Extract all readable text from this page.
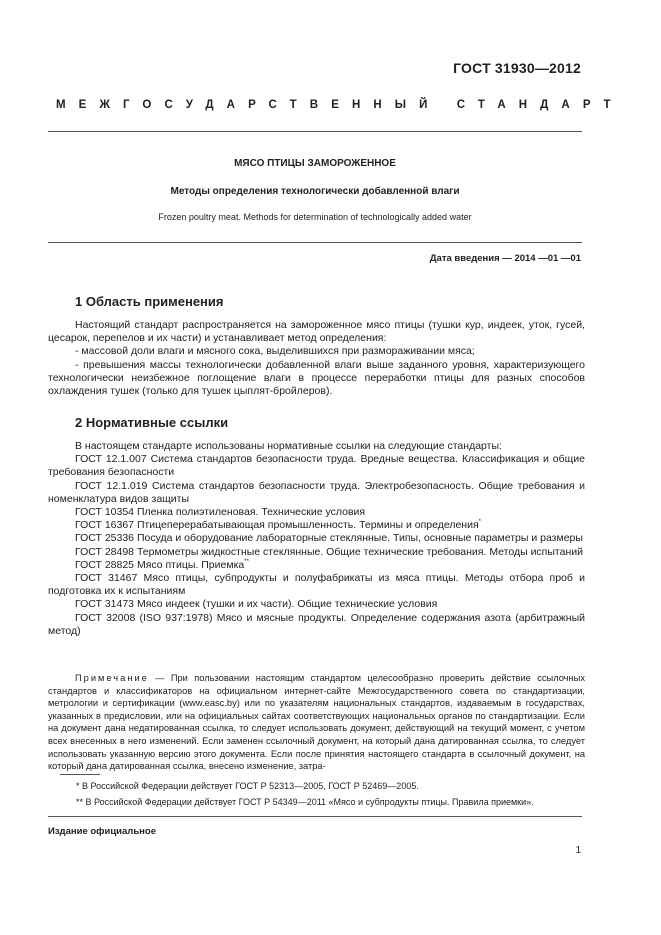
ГОСТ 31930—2012
МЕЖГОСУДАРСТВЕННЫЙ СТАНДАРТ
МЯСО ПТИЦЫ ЗАМОРОЖЕННОЕ
Методы определения технологически добавленной влаги
Frozen poultry meat. Methods for determination of technologically added water
Дата введения — 2014 —01 —01
1 Область применения

Настоящий стандарт распространяется на замороженное мясо птицы (тушки кур, индеек, уток, гусей, цесарок, перепелов и их части) и устанавливает метод определения:

- массовой доли влаги и мясного сока, выделившихся при размораживании мяса;

- превышения массы технологически добавленной влаги выше заданного уровня, характеризующего технологически неизбежное поглощение влаги в процессе переработки птицы для разных способов охлаждения тушек (только для тушек цыплят-бройлеров).

2 Нормативные ссылки

В настоящем стандарте использованы нормативные ссылки на следующие стандарты:

ГОСТ 12.1.007 Система стандартов безопасности труда. Вредные вещества. Классификация и общие требования безопасности

ГОСТ 12.1.019 Система стандартов безопасности труда. Электробезопасность. Общие требования и номенклатура видов защиты

ГОСТ 10354 Пленка полиэтиленовая. Технические условия

ГОСТ 16367 Птицеперерабатывающая промышленность. Термины и определения*

ГОСТ 25336 Посуда и оборудование лабораторные стеклянные. Типы, основные параметры и размеры

ГОСТ 28498 Термометры жидкостные стеклянные. Общие технические требования. Методы испытаний

ГОСТ 28825 Мясо птицы. Приемка**

ГОСТ 31467 Мясо птицы, субпродукты и полуфабрикаты из мяса птицы. Методы отбора проб и подготовка их к испытаниям

ГОСТ 31473 Мясо индеек (тушки и их части). Общие технические условия

ГОСТ 32008 (ISO 937:1978) Мясо и мясные продукты. Определение содержания азота (арбитражный метод)

Примечание — При пользовании настоящим стандартом целесообразно проверить действие ссылочных стандартов и классификаторов на официальном интернет-сайте Межгосударственного совета по стандартизации, метрологии и сертификации (www.easc.by) или по указателям национальных стандартов, издаваемым в государствах, указанных в предисловии, или на официальных сайтах соответствующих национальных органов по стандартизации. Если на документ дана недатированная ссылка, то следует использовать документ, действующий на текущий момент, с учетом всех внесенных в него изменений. Если заменен ссылочный документ, на который дана датированная ссылка, то следует использовать указанную версию этого документа. Если после принятия настоящего стандарта в ссылочный документ, на который дана датированная ссылка, внесено изменение, затра-

* В Российской Федерации действует ГОСТ Р 52313—2005, ГОСТ Р 52469—2005.

** В Российской Федерации действует ГОСТ Р 54349—2011 «Мясо и субпродукты птицы. Правила приемки».

Издание официальное
1
